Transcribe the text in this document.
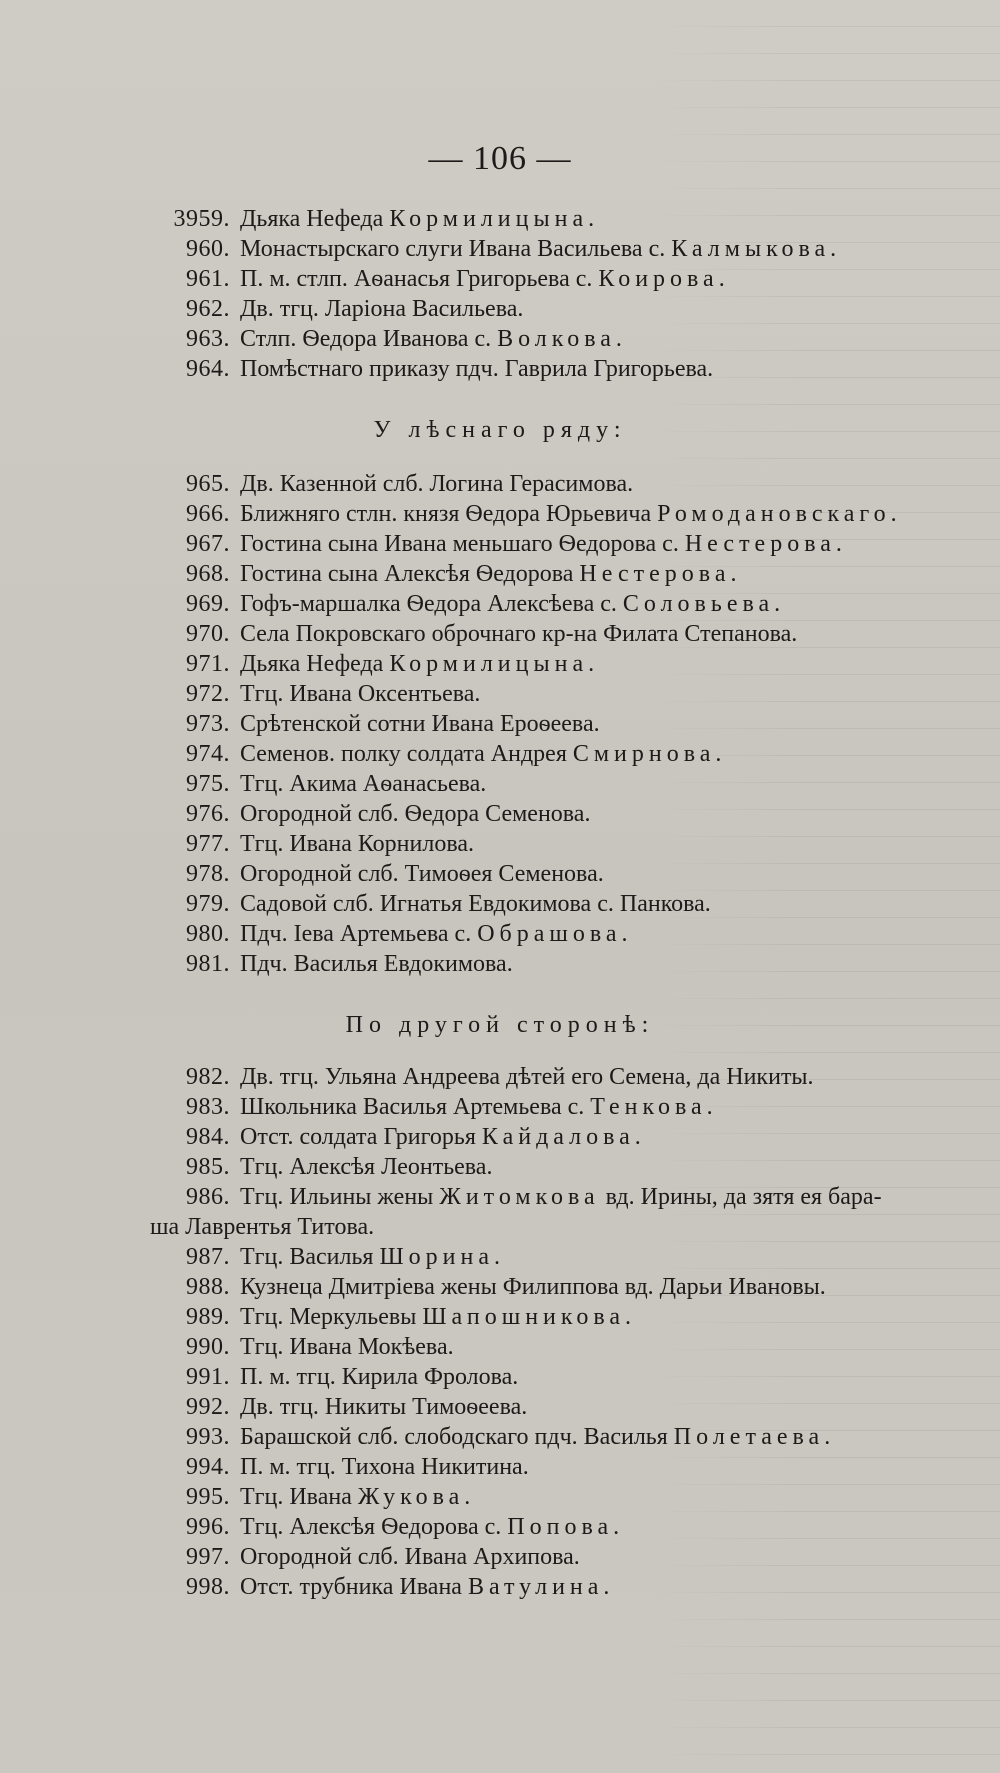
— 106 —
3959. Дьяка Нефеда Кормилицына.
960. Монастырскаго слуги Ивана Васильева с. Калмыкова.
961. П. м. стлп. Аѳанасья Григорьева с. Коирова.
962. Дв. тгц. Ларіона Васильева.
963. Стлп. Ѳедора Иванова с. Волкова.
964. Помѣстнаго приказу пдч. Гаврила Григорьева.
У лѣснаго ряду:
965. Дв. Казенной слб. Логина Герасимова.
966. Ближняго стлн. князя Ѳедора Юрьевича Ромодановскаго.
967. Гостина сына Ивана меньшаго Ѳедорова с. Нестерова.
968. Гостина сына Алексѣя Ѳедорова Нестерова.
969. Гофъ-маршалка Ѳедора Алексѣева с. Соловьева.
970. Села Покровскаго оброчнаго кр-на Филата Степанова.
971. Дьяка Нефеда Кормилицына.
972. Тгц. Ивана Оксентьева.
973. Срѣтенской сотни Ивана Ероѳеева.
974. Семенов. полку солдата Андрея Смирнова.
975. Тгц. Акима Аѳанасьева.
976. Огородной слб. Ѳедора Семенова.
977. Тгц. Ивана Корнилова.
978. Огородной слб. Тимоѳея Семенова.
979. Садовой слб. Игнатья Евдокимова с. Панкова.
980. Пдч. Іева Артемьева с. Обрашова.
981. Пдч. Василья Евдокимова.
По другой сторонѣ:
982. Дв. тгц. Ульяна Андреева дѣтей его Семена, да Никиты.
983. Школьника Василья Артемьева с. Тенкова.
984. Отст. солдата Григорья Кайдалова.
985. Тгц. Алексѣя Леонтьева.
986. Тгц. Ильины жены Житомкова вд. Ирины, да зятя ея бара-
ша Лаврентья Титова.
987. Тгц. Василья Шорина.
988. Кузнеца Дмитріева жены Филиппова вд. Дарьи Ивановы.
989. Тгц. Меркульевы Шапошникова.
990. Тгц. Ивана Мокѣева.
991. П. м. тгц. Кирила Фролова.
992. Дв. тгц. Никиты Тимоѳеева.
993. Барашской слб. слободскаго пдч. Василья Полетаева.
994. П. м. тгц. Тихона Никитина.
995. Тгц. Ивана Жукова.
996. Тгц. Алексѣя Ѳедорова с. Попова.
997. Огородной слб. Ивана Архипова.
998. Отст. трубника Ивана Ватулина.
